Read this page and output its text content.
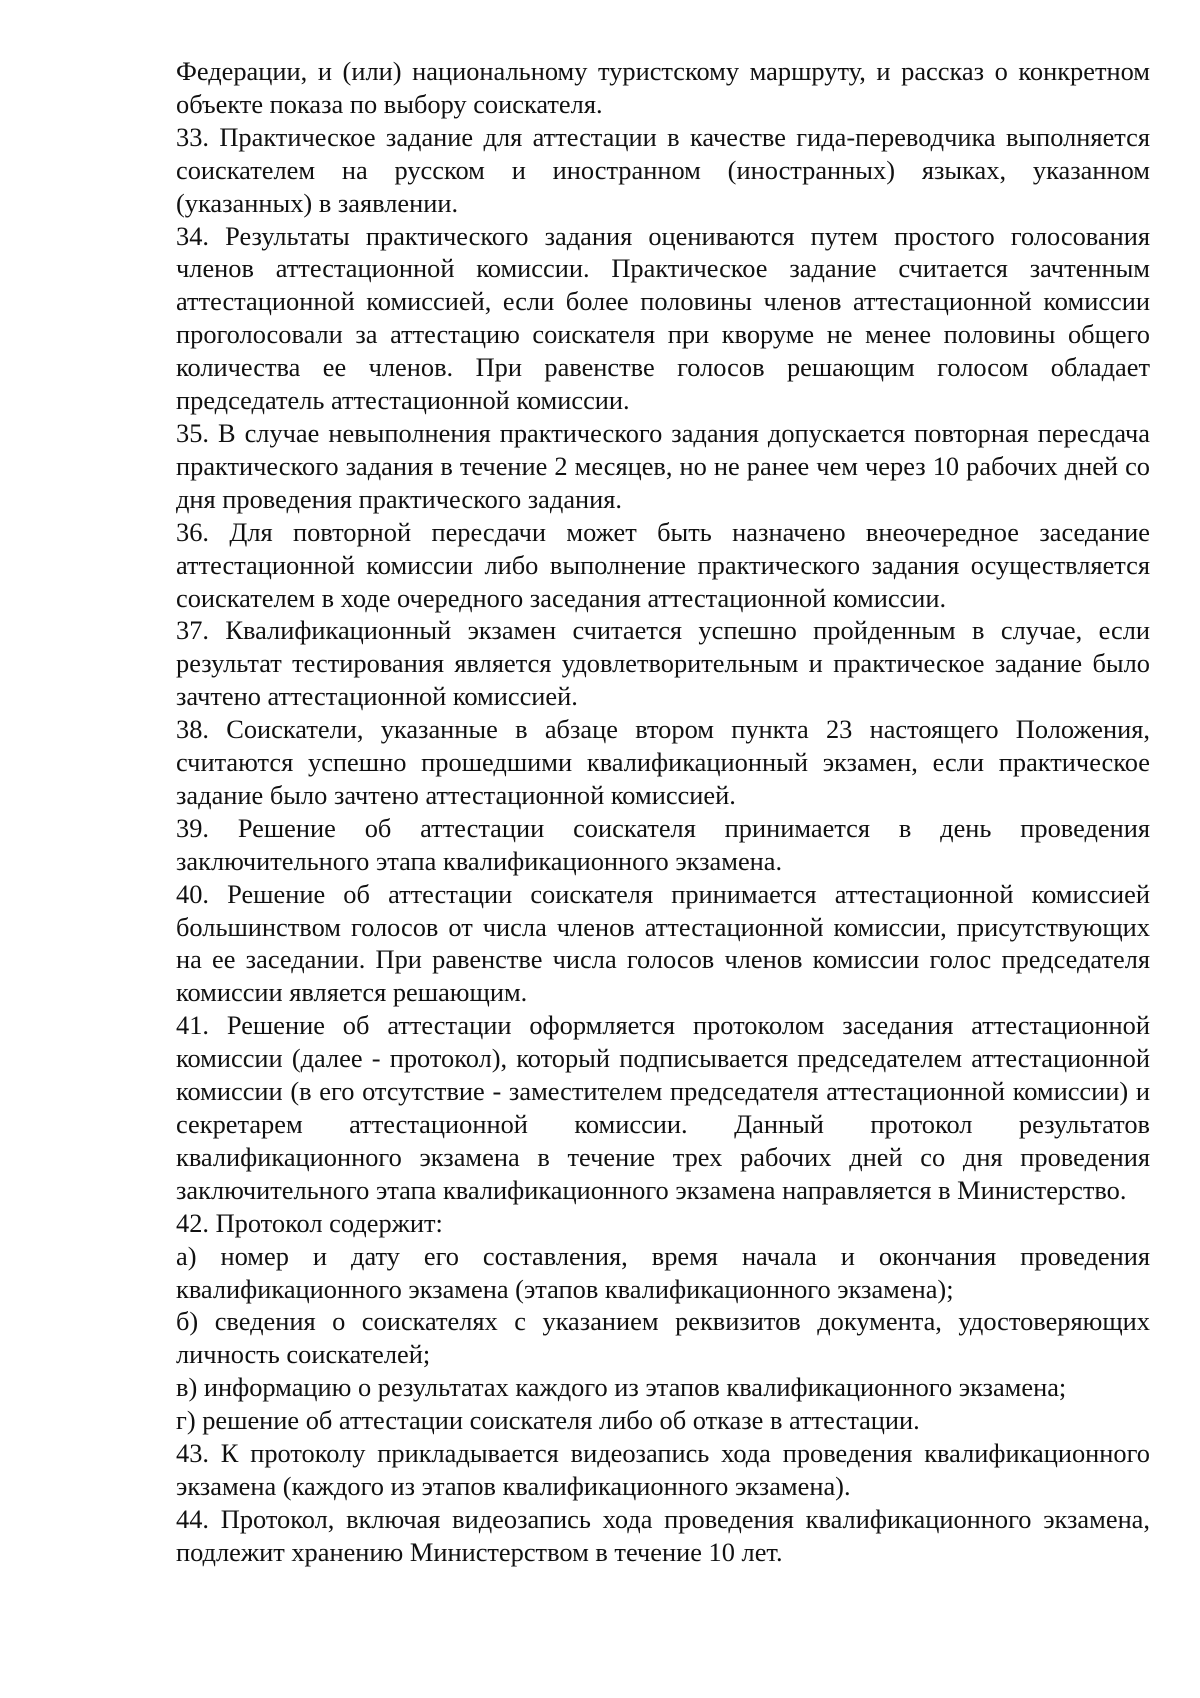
Федерации, и (или) национальному туристскому маршруту, и рассказ о конкретном объекте показа по выбору соискателя.

33. Практическое задание для аттестации в качестве гида-переводчика выполняется соискателем на русском и иностранном (иностранных) языках, указанном (указанных) в заявлении.

34. Результаты практического задания оцениваются путем простого голосования членов аттестационной комиссии. Практическое задание считается зачтенным аттестационной комиссией, если более половины членов аттестационной комиссии проголосовали за аттестацию соискателя при кворуме не менее половины общего количества ее членов. При равенстве голосов решающим голосом обладает председатель аттестационной комиссии.

35. В случае невыполнения практического задания допускается повторная пересдача практического задания в течение 2 месяцев, но не ранее чем через 10 рабочих дней со дня проведения практического задания.

36. Для повторной пересдачи может быть назначено внеочередное заседание аттестационной комиссии либо выполнение практического задания осуществляется соискателем в ходе очередного заседания аттестационной комиссии.

37. Квалификационный экзамен считается успешно пройденным в случае, если результат тестирования является удовлетворительным и практическое задание было зачтено аттестационной комиссией.

38. Соискатели, указанные в абзаце втором пункта 23 настоящего Положения, считаются успешно прошедшими квалификационный экзамен, если практическое задание было зачтено аттестационной комиссией.

39. Решение об аттестации соискателя принимается в день проведения заключительного этапа квалификационного экзамена.

40. Решение об аттестации соискателя принимается аттестационной комиссией большинством голосов от числа членов аттестационной комиссии, присутствующих на ее заседании. При равенстве числа голосов членов комиссии голос председателя комиссии является решающим.

41. Решение об аттестации оформляется протоколом заседания аттестационной комиссии (далее - протокол), который подписывается председателем аттестационной комиссии (в его отсутствие - заместителем председателя аттестационной комиссии) и секретарем аттестационной комиссии. Данный протокол результатов квалификационного экзамена в течение трех рабочих дней со дня проведения заключительного этапа квалификационного экзамена направляется в Министерство.

42. Протокол содержит:

а) номер и дату его составления, время начала и окончания проведения квалификационного экзамена (этапов квалификационного экзамена);

б) сведения о соискателях с указанием реквизитов документа, удостоверяющих личность соискателей;

в) информацию о результатах каждого из этапов квалификационного экзамена;

г) решение об аттестации соискателя либо об отказе в аттестации.

43. К протоколу прикладывается видеозапись хода проведения квалификационного экзамена (каждого из этапов квалификационного экзамена).

44. Протокол, включая видеозапись хода проведения квалификационного экзамена, подлежит хранению Министерством в течение 10 лет.
